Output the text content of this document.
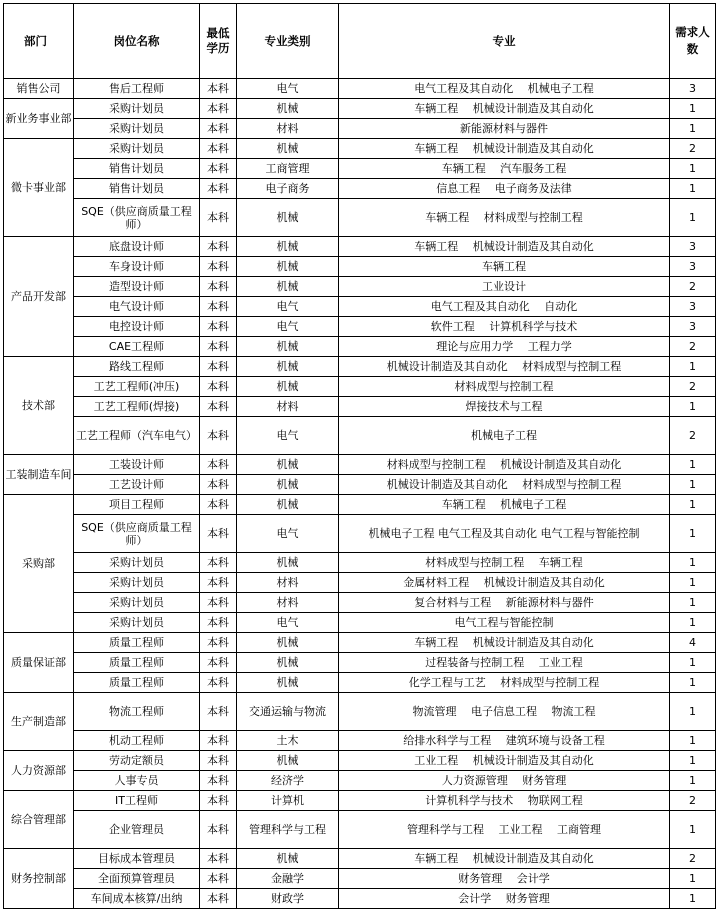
部门	岗位名称	最低学历	专业类别	专业	需求人数
销售公司	售后工程师	本科	电气	电气工程及其自动化　 机械电子工程	3
新业务事业部	采购计划员	本科	机械	车辆工程　 机械设计制造及其自动化	1
	采购计划员	本科	材料	新能源材料与器件	1
微卡事业部	采购计划员	本科	机械	车辆工程　 机械设计制造及其自动化	2
	销售计划员	本科	工商管理	车辆工程　 汽车服务工程	1
	销售计划员	本科	电子商务	信息工程　 电子商务及法律	1
	SQE（供应商质量工程师）	本科	机械	车辆工程　 材料成型与控制工程	1
产品开发部	底盘设计师	本科	机械	车辆工程　 机械设计制造及其自动化	3
	车身设计师	本科	机械	车辆工程	3
	造型设计师	本科	机械	工业设计	2
	电气设计师	本科	电气	电气工程及其自动化　 自动化	3
	电控设计师	本科	电气	软件工程　 计算机科学与技术	3
	CAE工程师	本科	机械	理论与应用力学　 工程力学	2
技术部	路线工程师	本科	机械	机械设计制造及其自动化　 材料成型与控制工程	1
	工艺工程师(冲压)	本科	机械	材料成型与控制工程	2
	工艺工程师(焊接)	本科	材料	焊接技术与工程	1
	工艺工程师（汽车电气）	本科	电气	机械电子工程	2
工装制造车间	工装设计师	本科	机械	材料成型与控制工程　 机械设计制造及其自动化	1
	工艺设计师	本科	机械	机械设计制造及其自动化　 材料成型与控制工程	1
采购部	项目工程师	本科	机械	车辆工程　 机械电子工程	1
	SQE（供应商质量工程师）	本科	电气	机械电子工程 电气工程及其自动化 电气工程与智能控制	1
	采购计划员	本科	机械	材料成型与控制工程　 车辆工程	1
	采购计划员	本科	材料	金属材料工程　 机械设计制造及其自动化	1
	采购计划员	本科	材料	复合材料与工程　 新能源材料与器件	1
	采购计划员	本科	电气	电气工程与智能控制	1
质量保证部	质量工程师	本科	机械	车辆工程　 机械设计制造及其自动化	4
	质量工程师	本科	机械	过程装备与控制工程　 工业工程	1
	质量工程师	本科	机械	化学工程与工艺　 材料成型与控制工程	1
生产制造部	物流工程师	本科	交通运输与物流	物流管理　 电子信息工程　 物流工程	1
	机动工程师	本科	土木	给排水科学与工程　 建筑环境与设备工程	1
人力资源部	劳动定额员	本科	机械	工业工程　 机械设计制造及其自动化	1
	人事专员	本科	经济学	人力资源管理　 财务管理	1
综合管理部	IT工程师	本科	计算机	计算机科学与技术　 物联网工程	2
	企业管理员	本科	管理科学与工程	管理科学与工程　 工业工程　 工商管理	1
财务控制部	目标成本管理员	本科	机械	车辆工程　 机械设计制造及其自动化	2
	全面预算管理员	本科	金融学	财务管理　 会计学	1
	车间成本核算/出纳	本科	财政学	会计学　 财务管理	1
